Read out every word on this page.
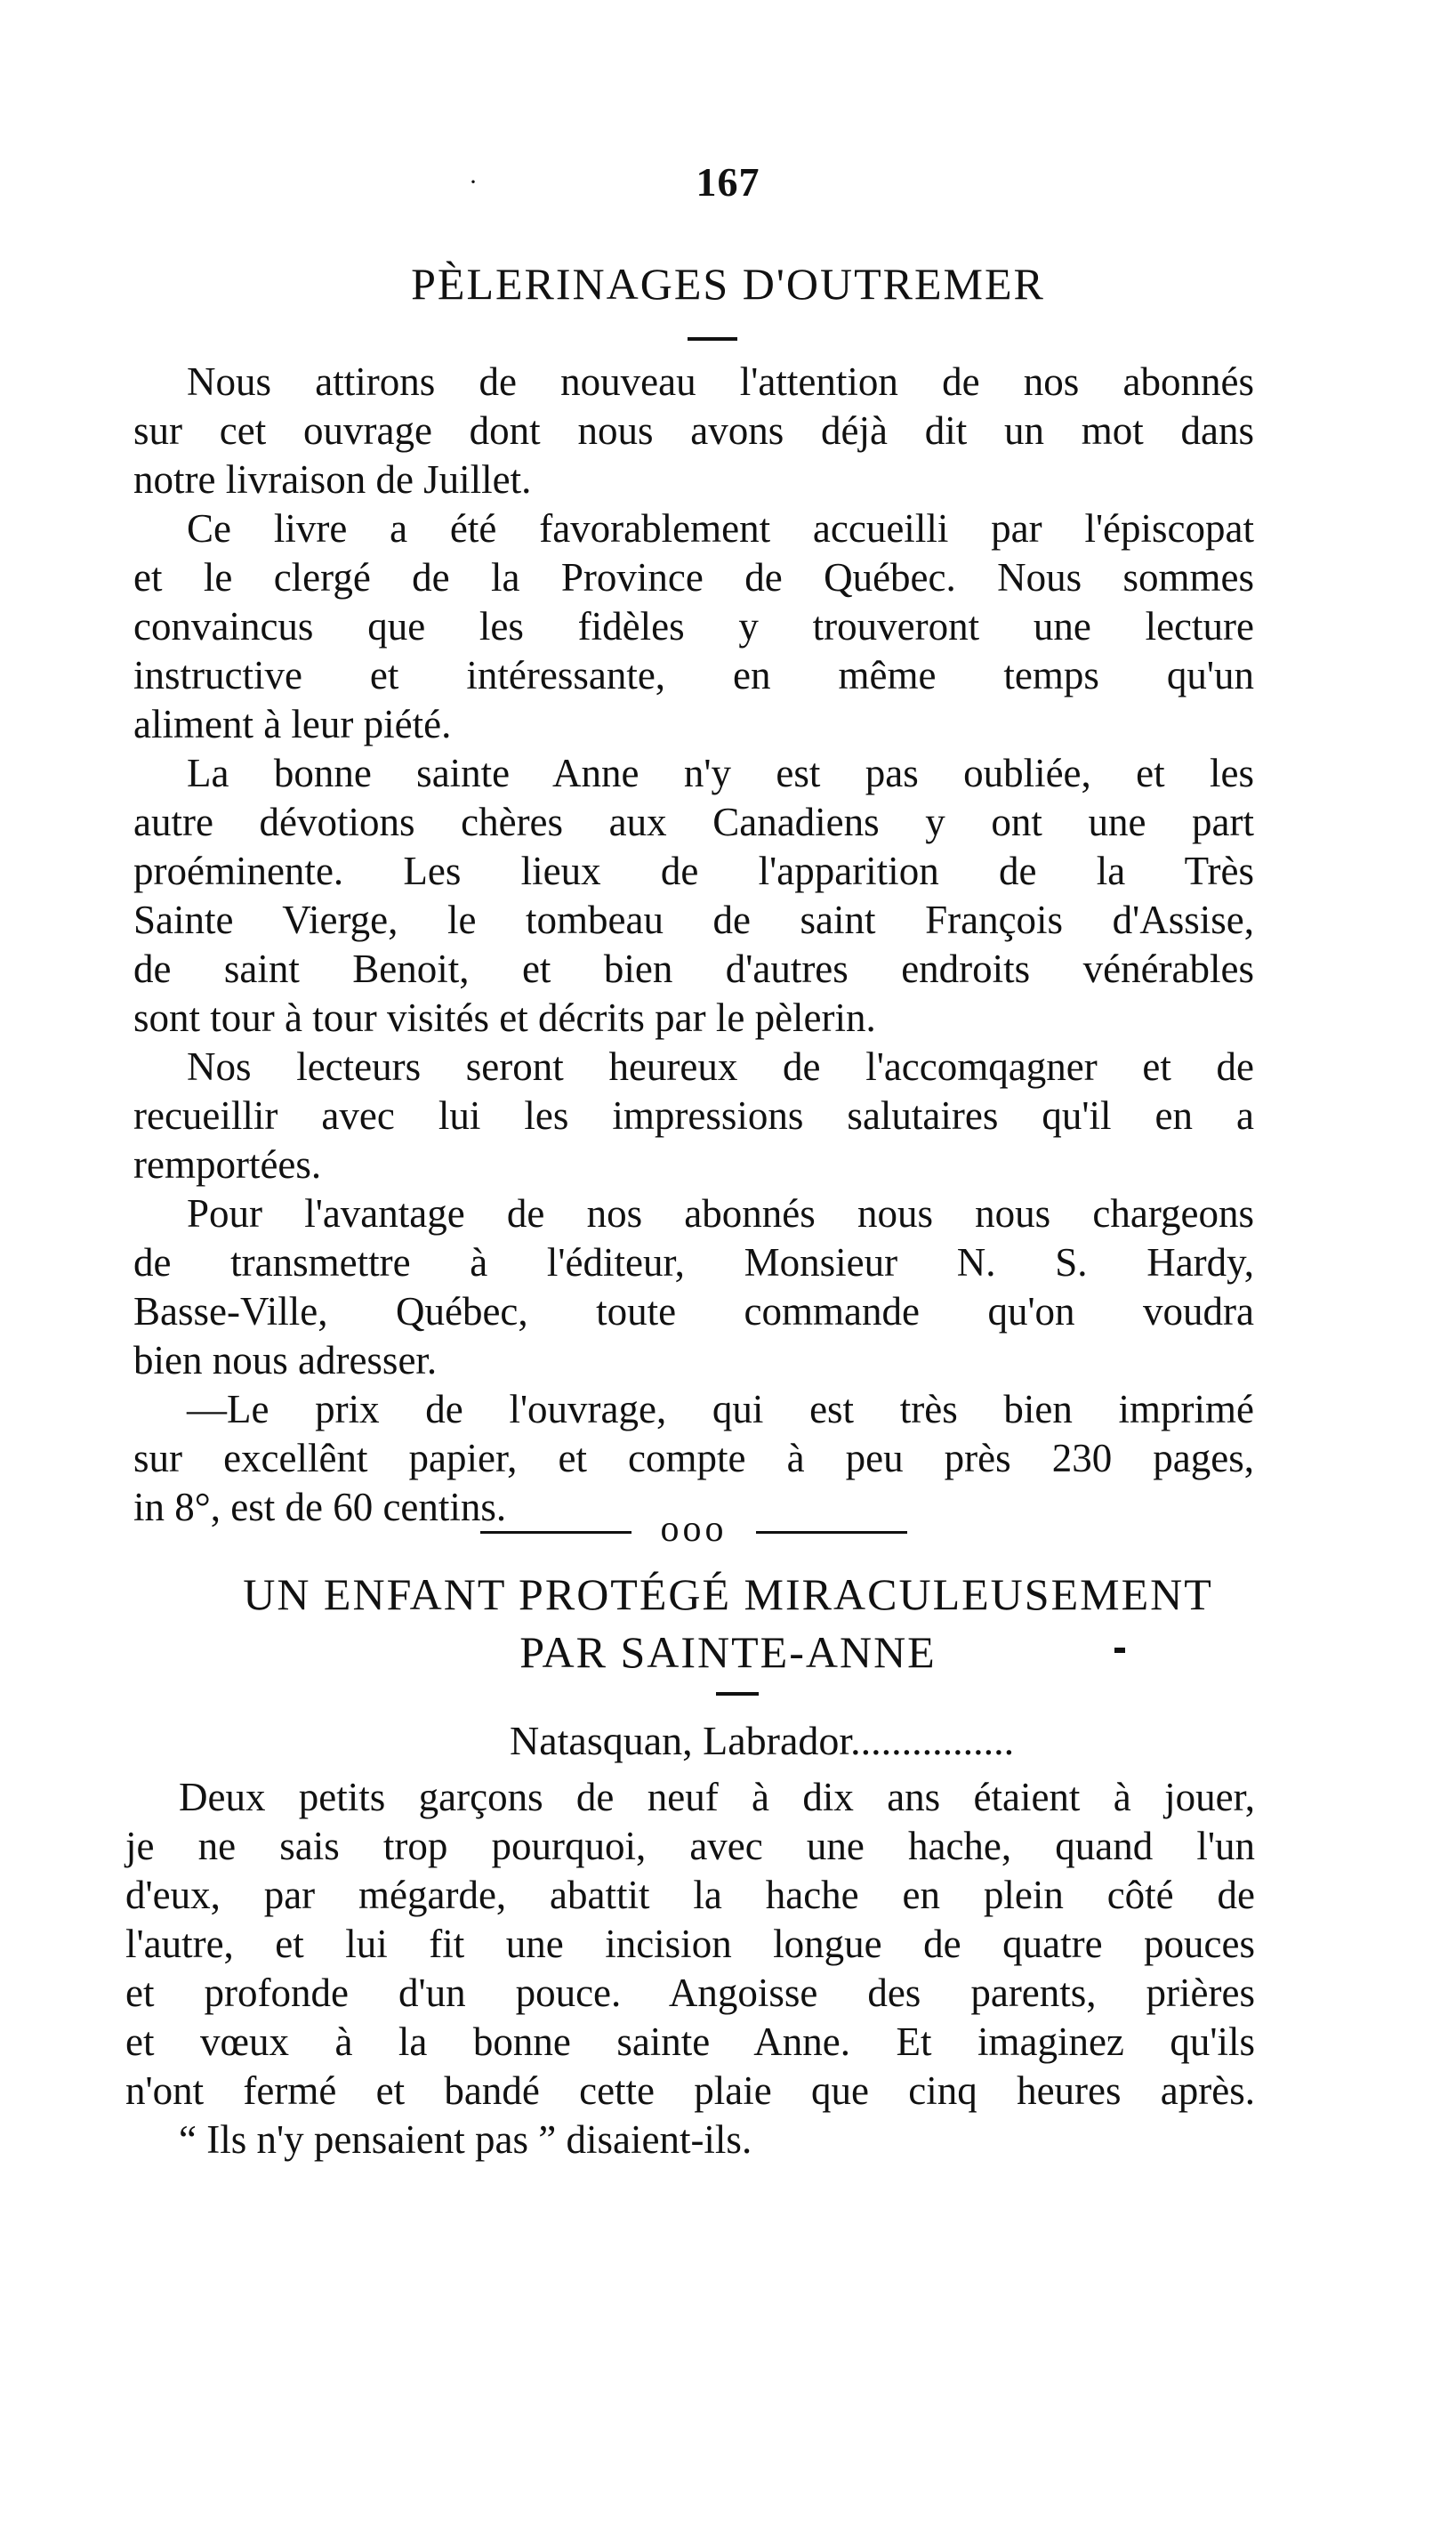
·	167
PÈLERINAGES D'OUTREMER
Nous attirons de nouveau l'attention de nos abonnés
sur cet ouvrage dont nous avons déjà dit un mot dans
notre livraison de Juillet.
Ce livre a été favorablement accueilli par l'épiscopat
et le clergé de la Province de Québec. Nous sommes
convaincus que les fidèles y trouveront une lecture
instructive et intéressante, en même temps qu'un
aliment à leur piété.
La bonne sainte Anne n'y est pas oubliée, et les
autre dévotions chères aux Canadiens y ont une part
proéminente. Les lieux de l'apparition de la Très
Sainte Vierge, le tombeau de saint François d'Assise,
de saint Benoit, et bien d'autres endroits vénérables
sont tour à tour visités et décrits par le pèlerin.
Nos lecteurs seront heureux de l'accomqagner et de
recueillir avec lui les impressions salutaires qu'il en a
remportées.
Pour l'avantage de nos abonnés nous nous chargeons
de transmettre à l'éditeur, Monsieur N. S. Hardy,
Basse-Ville, Québec, toute commande qu'on voudra
bien nous adresser.
—Le prix de l'ouvrage, qui est très bien imprimé
sur excellênt papier, et compte à peu près 230 pages,
in 8°, est de 60 centins.	ooo
UN ENFANT PROTÉGÉ MIRACULEUSEMENT
PAR SAINTE-ANNE
Natasquan, Labrador................
Deux petits garçons de neuf à dix ans étaient à jouer,
je ne sais trop pourquoi, avec une hache, quand l'un
d'eux, par mégarde, abattit la hache en plein côté de
l'autre, et lui fit une incision longue de quatre pouces
et profonde d'un pouce. Angoisse des parents, prières
et vœux à la bonne sainte Anne. Et imaginez qu'ils
n'ont fermé et bandé cette plaie que cinq heures après.
“ Ils n'y pensaient pas ” disaient-ils.
